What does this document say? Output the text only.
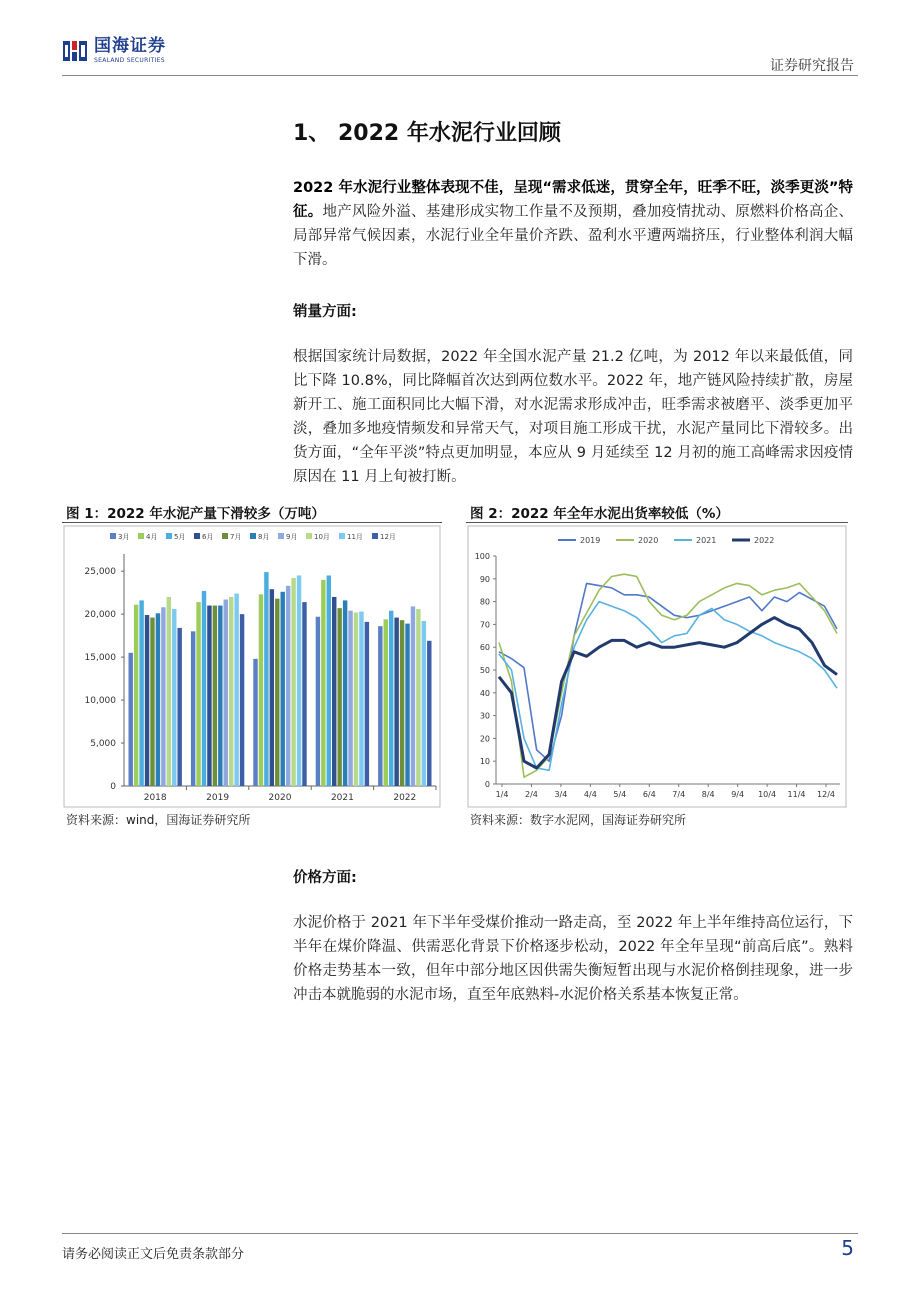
国海证券
SEALAND SECURITIES	证券研究报告
1、 2022 年水泥行业回顾
2022 年水泥行业整体表现不佳，呈现“需求低迷，贯穿全年，旺季不旺，淡季更淡”特征。地产风险外溢、基建形成实物工作量不及预期，叠加疫情扰动、原燃料价格高企、局部异常气候因素，水泥行业全年量价齐跌、盈利水平遭两端挤压，行业整体利润大幅下滑。
销量方面:
根据国家统计局数据，2022 年全国水泥产量 21.2 亿吨，为 2012 年以来最低值，同比下降 10.8%，同比降幅首次达到两位数水平。2022 年，地产链风险持续扩散，房屋新开工、施工面积同比大幅下滑，对水泥需求形成冲击，旺季需求被磨平、淡季更加平淡，叠加多地疫情频发和异常天气，对项目施工形成干扰，水泥产量同比下滑较多。出货方面，“全年平淡”特点更加明显，本应从 9 月延续至 12 月初的施工高峰需求因疫情原因在 11 月上旬被打断。
图 1：2022 年水泥产量下滑较多（万吨）
3月 4月 5月 6月 7月 8月 9月 10月 11月 12月
25,000
20,000
15,000
10,000
5,000
0
2018	2019	2020	2021	2022
资料来源：wind，国海证券研究所
图 2：2022 年全年水泥出货率较低（%）
2019	2020	2021	2022
100
90
80
70
60
50
40
30
20
10
0
1/4 2/4 3/4 4/4 5/4 6/4 7/4 8/4 9/4 10/4 11/4 12/4
资料来源：数字水泥网，国海证券研究所
价格方面:
水泥价格于 2021 年下半年受煤价推动一路走高，至 2022 年上半年维持高位运行，下半年在煤价降温、供需恶化背景下价格逐步松动，2022 年全年呈现“前高后底”。熟料价格走势基本一致，但年中部分地区因供需失衡短暂出现与水泥价格倒挂现象，进一步冲击本就脆弱的水泥市场，直至年底熟料-水泥价格关系基本恢复正常。
请务必阅读正文后免责条款部分	5
